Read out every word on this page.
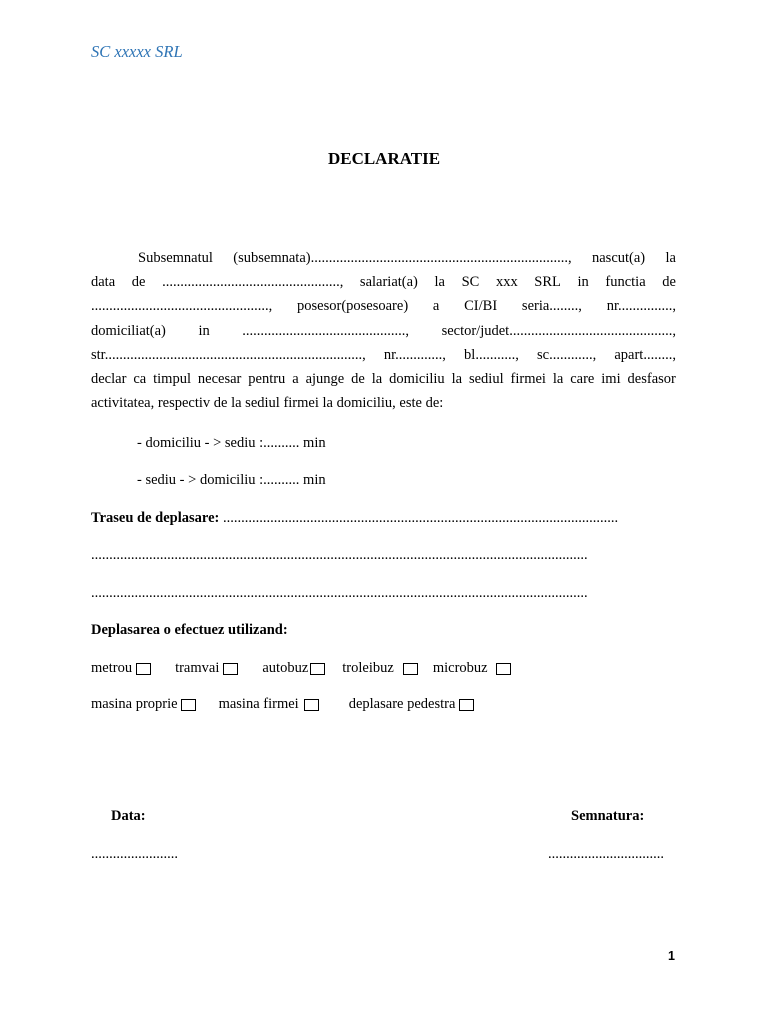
SC xxxxx SRL
DECLARATIE
Subsemnatul (subsemnata)......................................................................., nascut(a) la
data de ................................................., salariat(a) la SC xxx SRL in functia de
................................................., posesor(posesoare) a CI/BI seria........, nr...............,
domiciliat(a) in ............................................., sector/judet.............................................,
str......................................................................., nr............., bl..........., sc............, apart........,
declar ca timpul necesar pentru a ajunge de la domiciliu la sediul firmei la care imi desfasor
activitatea, respectiv de la sediul firmei la domiciliu, este de:
- domiciliu - > sediu :.......... min
- sediu - > domiciliu :.......... min
Traseu de deplasare: .............................................................................................................
.........................................................................................................................................
.........................................................................................................................................
Deplasarea o efectuez utilizand:
metrou	tramvai	autobuz troleibuz	microbuz
masina proprie	masina firmei	deplasare pedestra
Data:	Semnatura:
........................	................................
1
